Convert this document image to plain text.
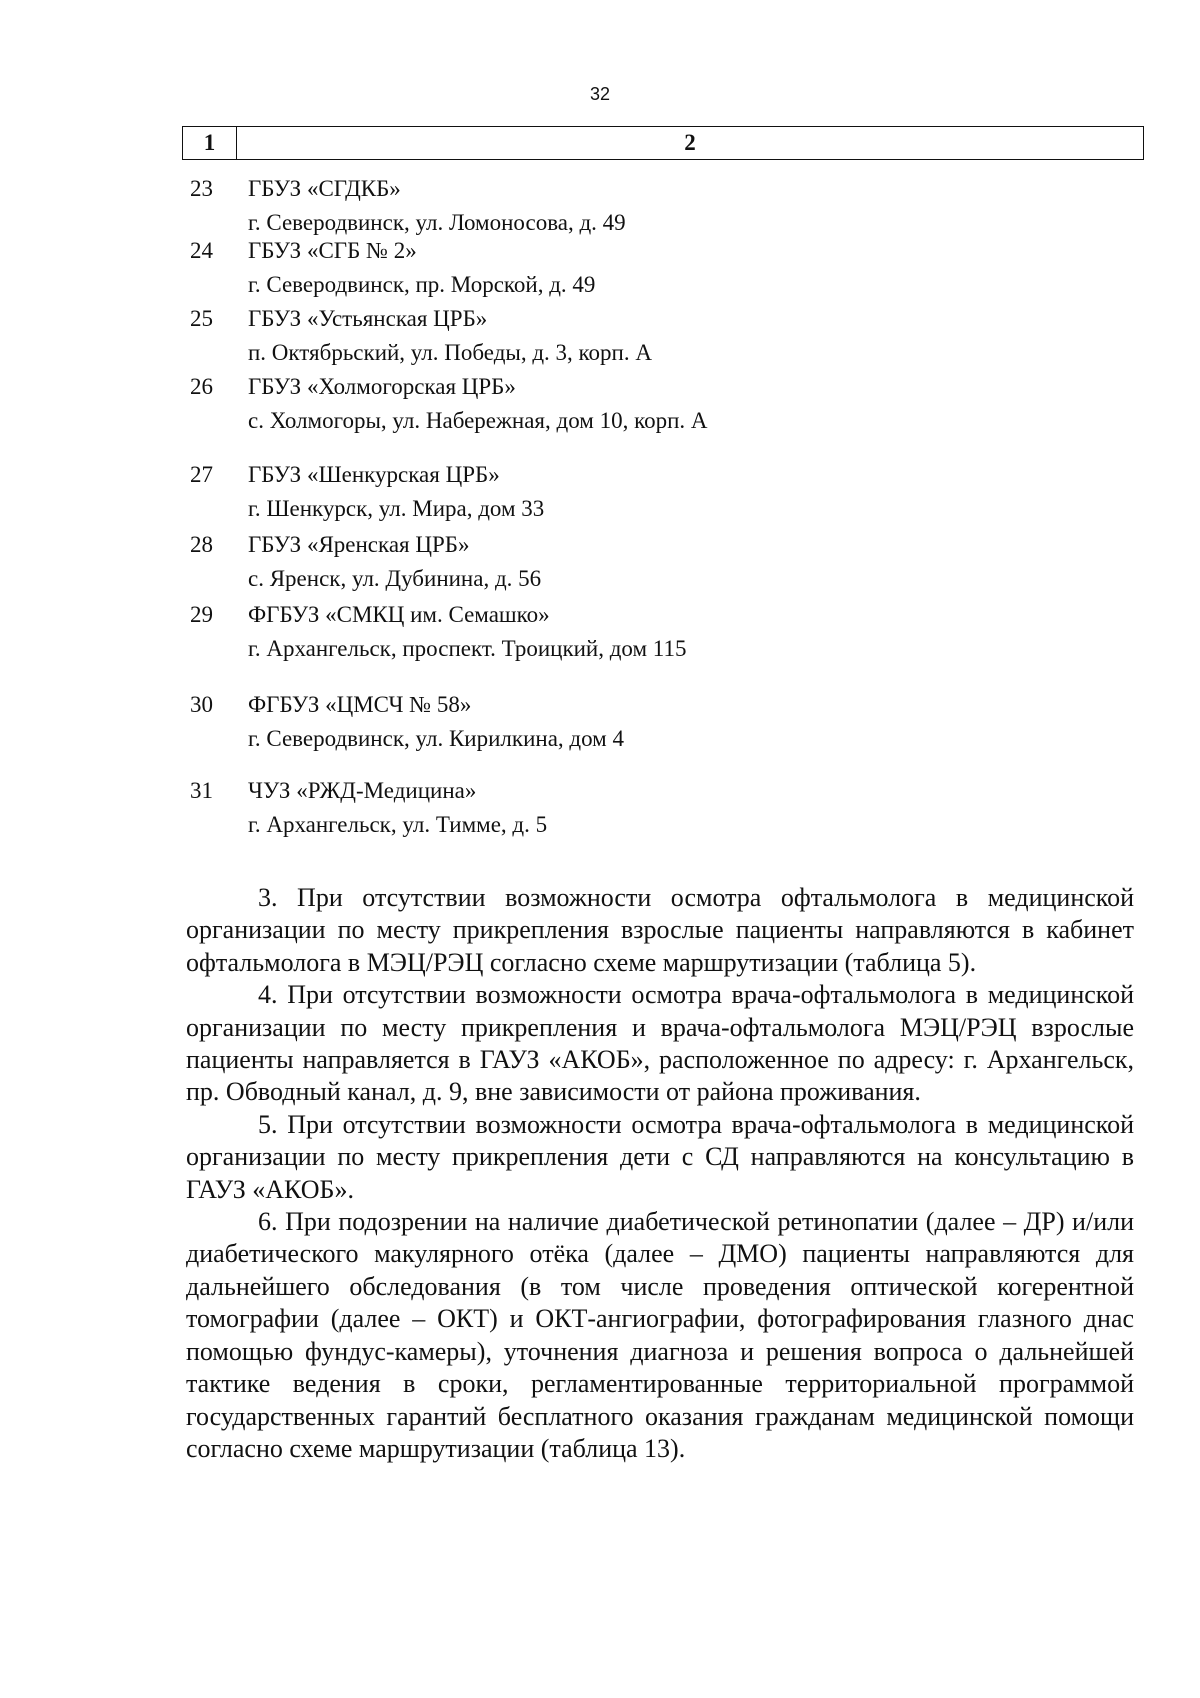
32
1	2
23	ГБУЗ «СГДКБ»
г. Северодвинск, ул. Ломоносова, д. 49
24	ГБУЗ «СГБ № 2»
г. Северодвинск, пр. Морской, д. 49
25	ГБУЗ «Устьянская ЦРБ»
п. Октябрьский, ул. Победы, д. 3, корп. А
26	ГБУЗ «Холмогорская ЦРБ»
с. Холмогоры, ул. Набережная, дом 10, корп. А
27	ГБУЗ «Шенкурская ЦРБ»
г. Шенкурск, ул. Мира, дом 33
28	ГБУЗ «Яренская ЦРБ»
с. Яренск, ул. Дубинина, д. 56
29	ФГБУЗ «СМКЦ им. Семашко»
г. Архангельск, проспект. Троицкий, дом 115
30	ФГБУЗ «ЦМСЧ № 58»
г. Северодвинск, ул. Кирилкина, дом 4
31	ЧУЗ «РЖД-Медицина»
г. Архангельск, ул. Тимме, д. 5

3. При отсутствии возможности осмотра офтальмолога в медицинской организации по месту прикрепления взрослые пациенты направляются в кабинет офтальмолога в МЭЦ/РЭЦ согласно схеме маршрутизации (таблица 5).

4. При отсутствии возможности осмотра врача-офтальмолога в медицинской организации по месту прикрепления и врача-офтальмолога МЭЦ/РЭЦ взрослые пациенты направляется в ГАУЗ «АКОБ», расположенное по адресу: г. Архангельск, пр. Обводный канал, д. 9, вне зависимости от района проживания.

5. При отсутствии возможности осмотра врача-офтальмолога в медицинской организации по месту прикрепления дети с СД направляются на консультацию в ГАУЗ «АКОБ».

6. При подозрении на наличие диабетической ретинопатии (далее – ДР) и/или диабетического макулярного отёка (далее – ДМО) пациенты направляются для дальнейшего обследования (в том числе проведения оптической когерентной томографии (далее – ОКТ) и ОКТ-ангиографии, фотографирования глазного днас помощью фундус-камеры), уточнения диагноза и решения вопроса о дальнейшей тактике ведения в сроки, регламентированные территориальной программой государственных гарантий бесплатного оказания гражданам медицинской помощи согласно схеме маршрутизации (таблица 13).
